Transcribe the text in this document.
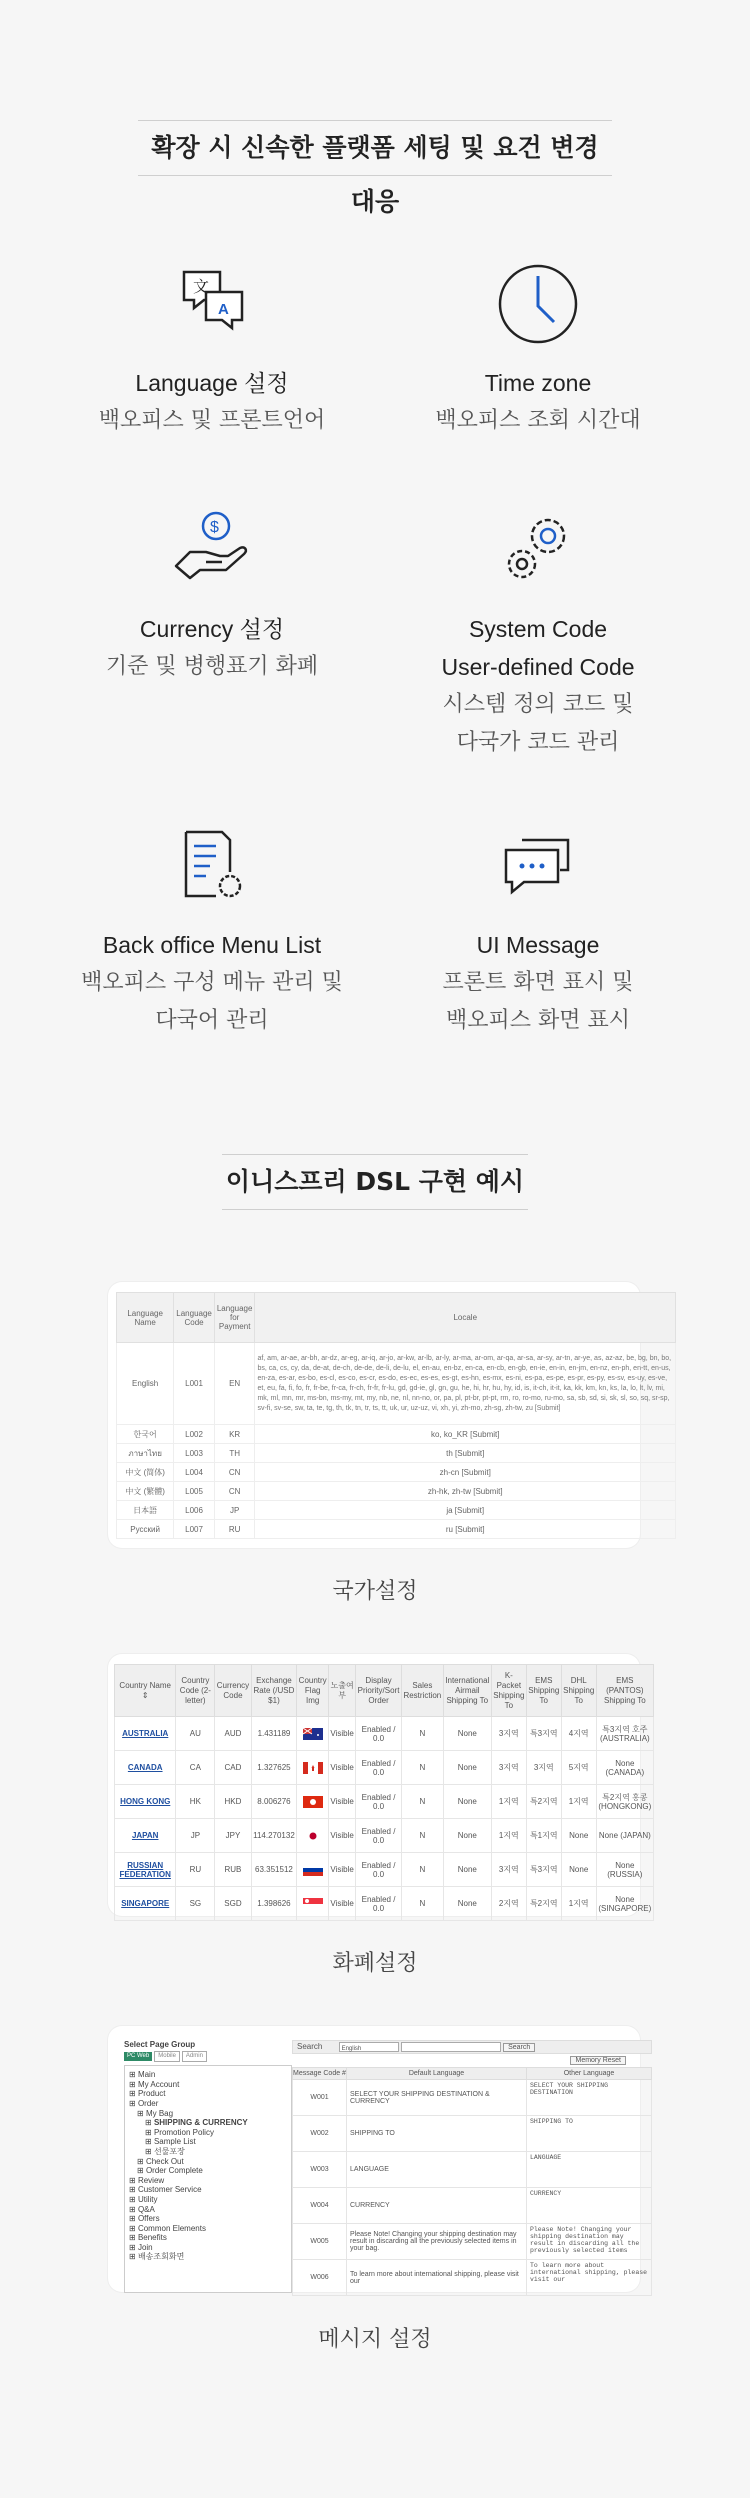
확장 시 신속한 플랫폼 세팅 및 요건 변경 대응
文
A
Language 설정
백오피스 및 프론트언어
Time zone
백오피스 조회 시간대
$
Currency 설정
기준 및 병행표기 화폐
System Code
User-defined Code
시스템 정의 코드 및
다국가 코드 관리
Back office Menu List
백오피스 구성 메뉴 관리 및
다국어 관리
UI Message
프론트 화면 표시 및
백오피스 화면 표시
이니스프리 DSL 구현 예시
Language Name	Language Code	Language for Payment	Locale
English	L001	EN	af, am, ar-ae, ar-bh, ar-dz, ar-eg, ar-iq, ar-jo, ar-kw, ar-lb, ar-ly, ar-ma, ar-om, ar-qa, ar-sa, ar-sy, ar-tn, ar-ye, as, az-az, be, bg, bn, bo, bs, ca, cs, cy, da, de-at, de-ch, de-de, de-li, de-lu, el, en-au, en-bz, en-ca, en-cb, en-gb, en-ie, en-in, en-jm, en-nz, en-ph, en-tt, en-us, en-za, es-ar, es-bo, es-cl, es-co, es-cr, es-do, es-ec, es-es, es-gt, es-hn, es-mx, es-ni, es-pa, es-pe, es-pr, es-py, es-sv, es-uy, es-ve, et, eu, fa, fi, fo, fr, fr-be, fr-ca, fr-ch, fr-fr, fr-lu, gd, gd-ie, gl, gn, gu, he, hi, hr, hu, hy, id, is, it-ch, it-it, ka, kk, km, kn, ks, la, lo, lt, lv, mi, mk, ml, mn, mr, ms-bn, ms-my, mt, my, nb, ne, nl, nn-no, or, pa, pl, pt-br, pt-pt, rm, ro, ro-mo, ru-mo, sa, sb, sd, si, sk, sl, so, sq, sr-sp, sv-fi, sv-se, sw, ta, te, tg, th, tk, tn, tr, ts, tt, uk, ur, uz-uz, vi, xh, yi, zh-mo, zh-sg, zh-tw, zu [Submit]
한국어	L002	KR	ko, ko_KR [Submit]
ภาษาไทย	L003	TH	th [Submit]
中文 (简体)	L004	CN	zh-cn [Submit]
中文 (繁體)	L005	CN	zh-hk, zh-tw [Submit]
日本語	L006	JP	ja [Submit]
Русский	L007	RU	ru [Submit]
국가설정
Country Name ⇕	Country Code (2-letter)	Currency Code	Exchange Rate (/USD $1)	Country Flag Img	노출여부	Display Priority/Sort Order	Sales Restriction	International Airmail Shipping To	K-Packet Shipping To	EMS Shipping To	DHL Shipping To	EMS (PANTOS) Shipping To
AUSTRALIA	AU	AUD	1.431189		Visible	Enabled / 0.0	N	None	3지역	특3지역	4지역	특3지역 호주 (AUSTRALIA)
CANADA	CA	CAD	1.327625		Visible	Enabled / 0.0	N	None	3지역	3지역	5지역	None (CANADA)
HONG KONG	HK	HKD	8.006276		Visible	Enabled / 0.0	N	None	1지역	특2지역	1지역	특2지역 홍콩 (HONGKONG)
JAPAN	JP	JPY	114.270132		Visible	Enabled / 0.0	N	None	1지역	특1지역	None	None (JAPAN)
RUSSIAN FEDERATION	RU	RUB	63.351512		Visible	Enabled / 0.0	N	None	3지역	특3지역	None	None (RUSSIA)
SINGAPORE	SG	SGD	1.398626		Visible	Enabled / 0.0	N	None	2지역	특2지역	1지역	None (SINGAPORE)
화폐설정
Select Page Group
PC Web Mobile Admin
⊞ Main
⊞ My Account
⊞ Product
⊞ Order
⊞ My Bag
⊞ SHIPPING & CURRENCY
⊞ Promotion Policy
⊞ Sample List
⊞ 선물포장
⊞ Check Out
⊞ Order Complete
⊞ Review
⊞ Customer Service
⊞ Utility
⊞ Q&A
⊞ Offers
⊞ Common Elements
⊞ Benefits
⊞ Join
⊞ 배송조회화면
Search	English	Search
Memory Reset
Message Code #	Default Language	Other Language
W001	SELECT YOUR SHIPPING DESTINATION & CURRENCY	SELECT YOUR SHIPPING DESTINATION
W002	SHIPPING TO	SHIPPING TO
W003	LANGUAGE	LANGUAGE
W004	CURRENCY	CURRENCY
W005	Please Note! Changing your shipping destination may result in discarding all the previously selected items in your bag.	Please Note! Changing your shipping destination may result in discarding all the previously selected items
W006	To learn more about international shipping, please visit our	To learn more about international shipping, please visit our
메시지 설정
